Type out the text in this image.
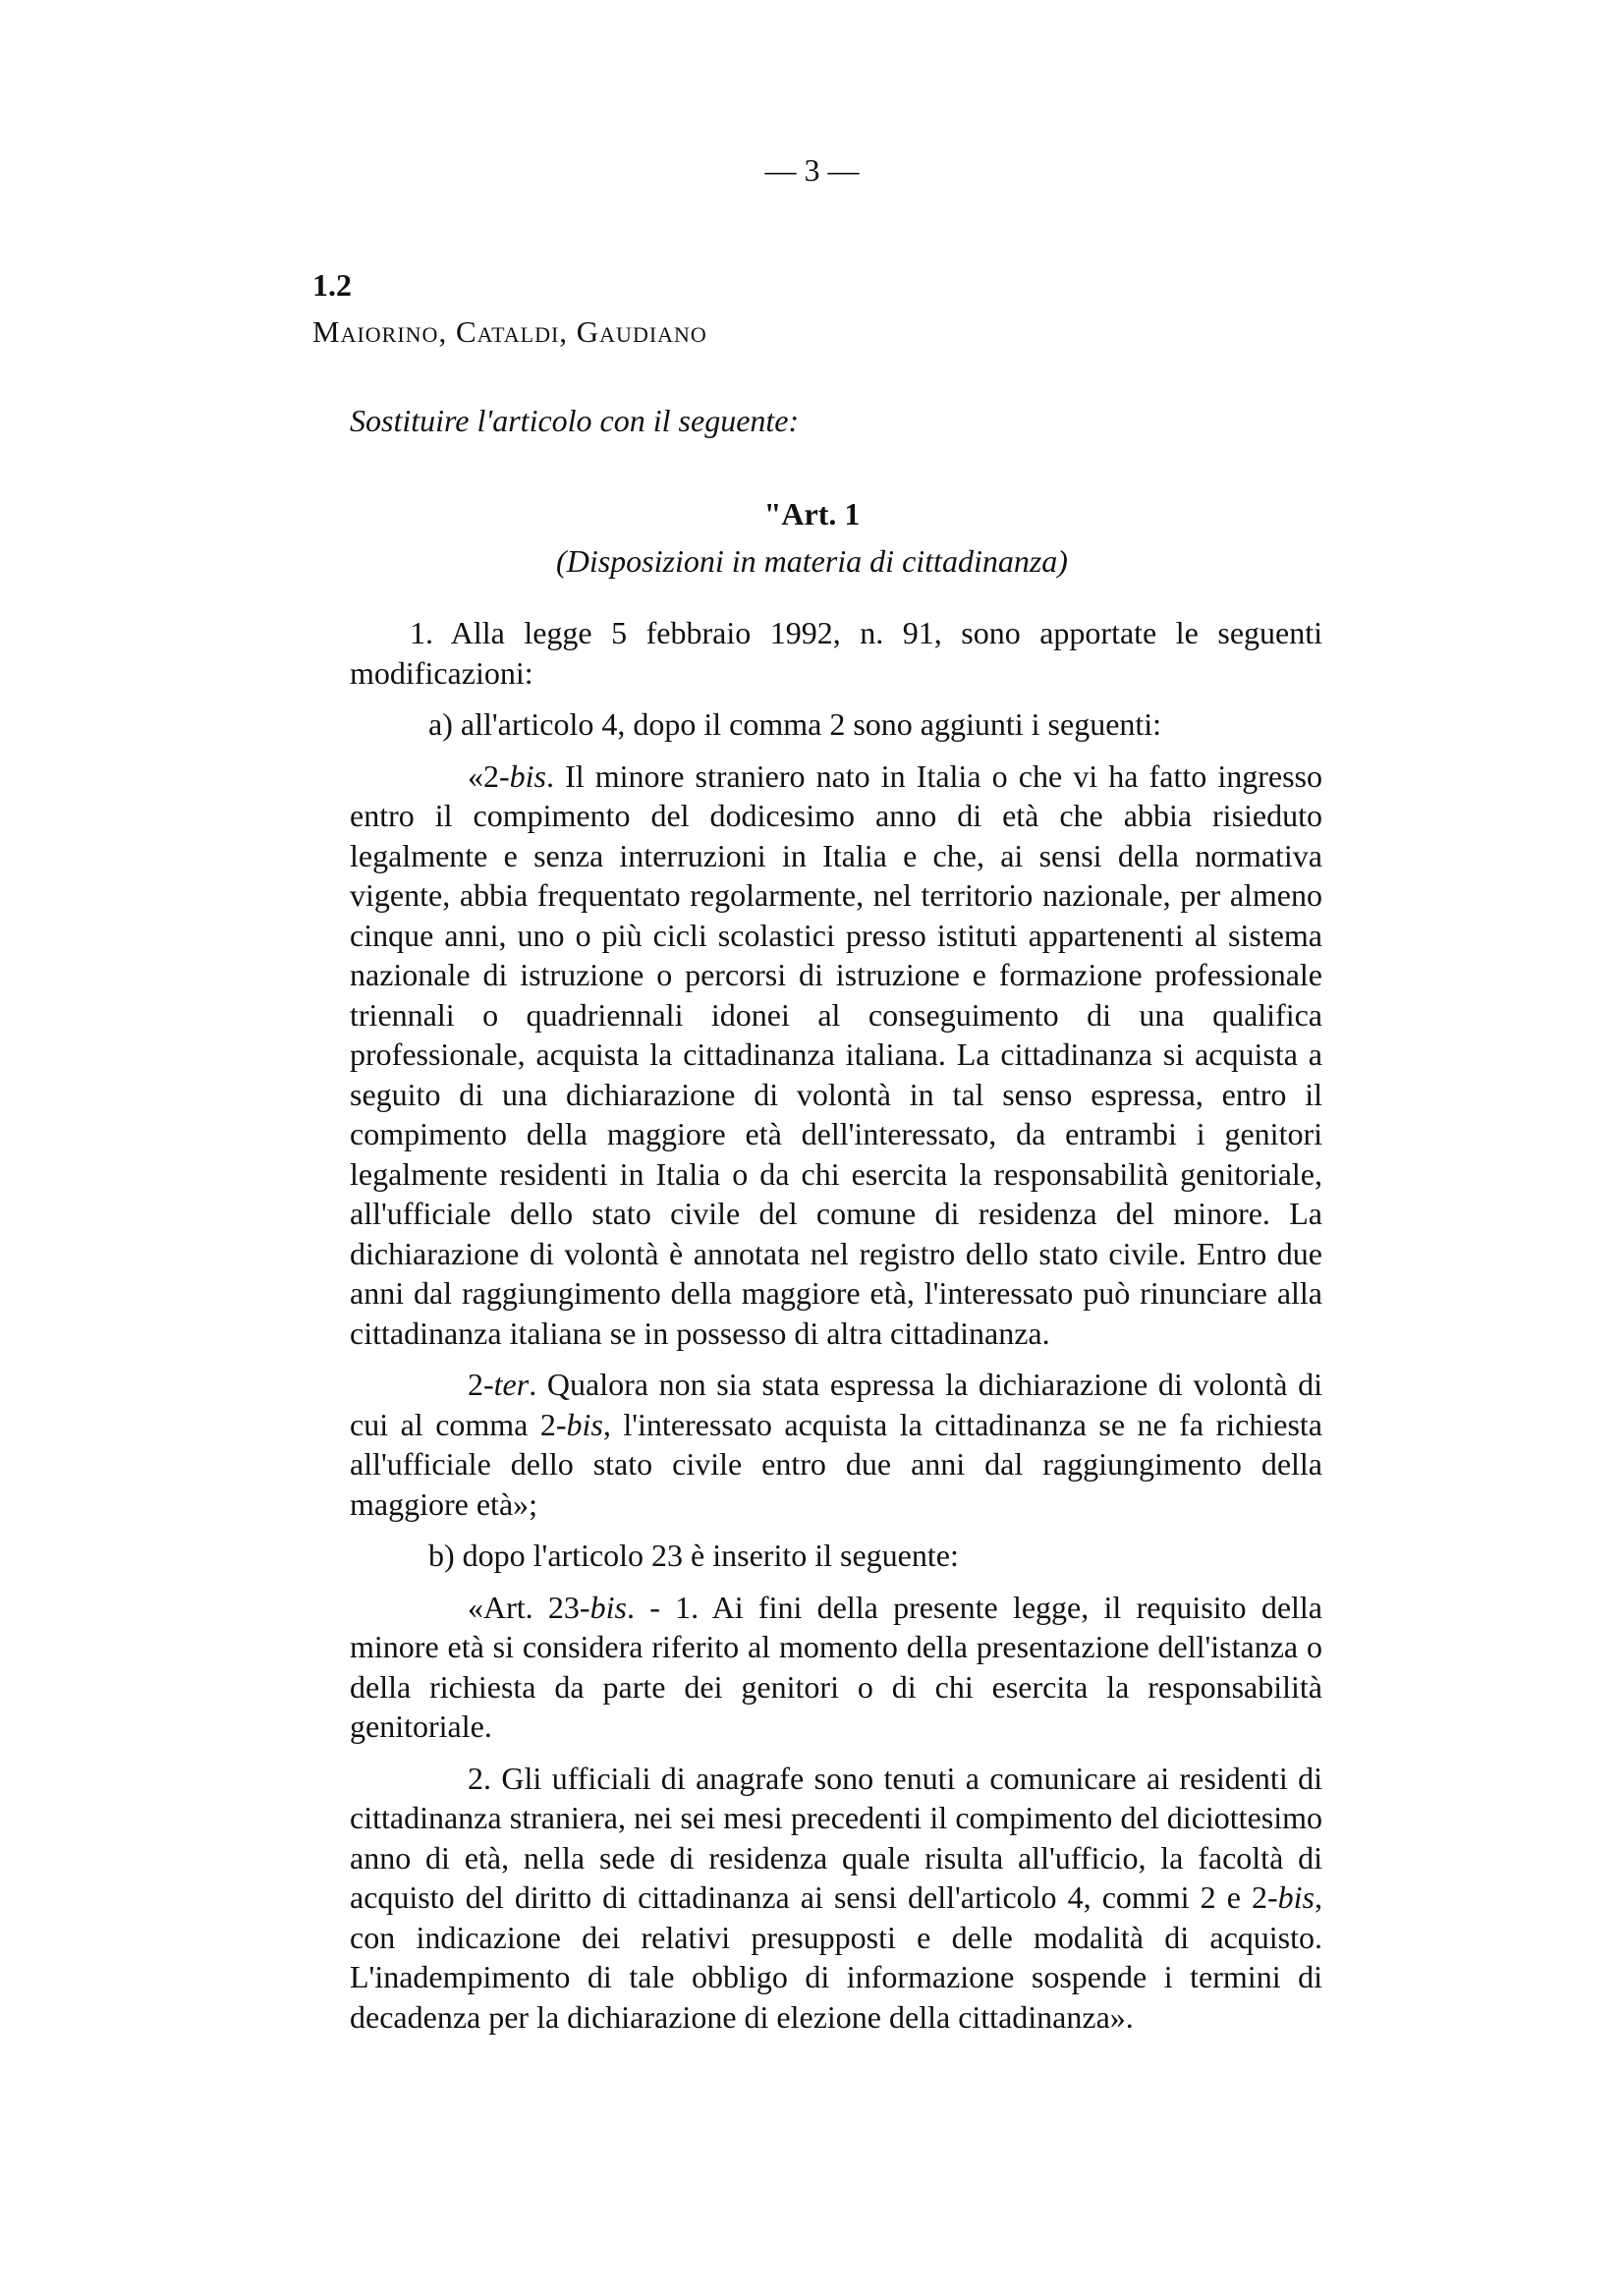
— 3 —
1.2
Maiorino, Cataldi, Gaudiano
Sostituire l'articolo con il seguente:
"Art. 1
(Disposizioni in materia di cittadinanza)

1. Alla legge 5 febbraio 1992, n. 91, sono apportate le seguenti modificazioni:

a) all'articolo 4, dopo il comma 2 sono aggiunti i seguenti:

«2-bis. Il minore straniero nato in Italia o che vi ha fatto ingresso entro il compimento del dodicesimo anno di età che abbia risieduto legalmente e senza interruzioni in Italia e che, ai sensi della normativa vigente, abbia frequentato regolarmente, nel territorio nazionale, per almeno cinque anni, uno o più cicli scolastici presso istituti appartenenti al sistema nazionale di istruzione o percorsi di istruzione e formazione professionale triennali o quadriennali idonei al conseguimento di una qualifica professionale, acquista la cittadinanza italiana. La cittadinanza si acquista a seguito di una dichiarazione di volontà in tal senso espressa, entro il compimento della maggiore età dell'interessato, da entrambi i genitori legalmente residenti in Italia o da chi esercita la responsabilità genitoriale, all'ufficiale dello stato civile del comune di residenza del minore. La dichiarazione di volontà è annotata nel registro dello stato civile. Entro due anni dal raggiungimento della maggiore età, l'interessato può rinunciare alla cittadinanza italiana se in possesso di altra cittadinanza.

2-ter. Qualora non sia stata espressa la dichiarazione di volontà di cui al comma 2-bis, l'interessato acquista la cittadinanza se ne fa richiesta all'ufficiale dello stato civile entro due anni dal raggiungimento della maggiore età»;

b) dopo l'articolo 23 è inserito il seguente:

«Art. 23-bis. - 1. Ai fini della presente legge, il requisito della minore età si considera riferito al momento della presentazione dell'istanza o della richiesta da parte dei genitori o di chi esercita la responsabilità genitoriale.

2. Gli ufficiali di anagrafe sono tenuti a comunicare ai residenti di cittadinanza straniera, nei sei mesi precedenti il compimento del diciottesimo anno di età, nella sede di residenza quale risulta all'ufficio, la facoltà di acquisto del diritto di cittadinanza ai sensi dell'articolo 4, commi 2 e 2-bis, con indicazione dei relativi presupposti e delle modalità di acquisto. L'inadempimento di tale obbligo di informazione sospende i termini di decadenza per la dichiarazione di elezione della cittadinanza».
